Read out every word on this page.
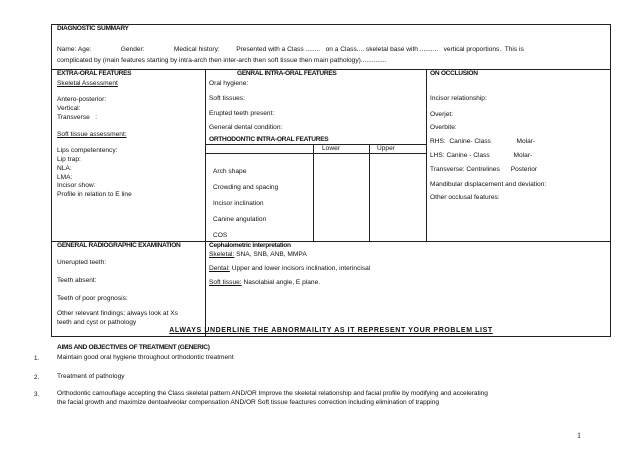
DIAGNOSTIC SUMMARY
Name: Age:                Gender:                Medical history:         Presented with a Class ........   on a Class.... skeletal base with ..........   vertical proportions.  This is
complicated by (main features starting by intra-arch then inter-arch then soft tissue then main pathology)..............
EXTRA-ORAL FEATURES
Skeletal Assessment
Antero-posterior:
Vertical:
Transverse   :
Soft tissue assessment:
Lips competentency:
Lip trap:
NLA:
LMA:
Incisor show:
Profile in relation to E line
GENRAL INTRA-ORAL FEATURES
Oral hygiene:
Soft tissues:
Erupted teeth present:
General dental condition:
ORTHODONTIC INTRA-ORAL FEATURES
Lower	Upper
Arch shape
Crowding and spacing
Incisor inclination
Canine angulation
COS
ON OCCLUSION
Incisor relationship:
Overjet:
Overbite:
RHS:  Canine- Class              Molar-
LHS: Canine - Class             Molar-
Transverse: Centrelines      Posterior
Mandibular displacement and deviation:
Other occlusal features:
GENERAL RADIOGRAPHIC EXAMINATION
Unerupted teeth:
Teeth absent:
Teeth of poor prognosis:
Other relevant findings: always look at Xs
teeth and cyst or pathology
Cephalometric interpretation
Skeletal: SNA, SNB, ANB, MMPA
Dental: Upper and lower incisors inclination, interincisal
Soft tissue: Nasolabial angle, E plane.
ALWAYS UNDERLINE THE ABNORMAILITY AS IT REPRESENT YOUR PROBLEM LIST
AIMS AND OBJECTIVES OF TREATMENT (GENERIC)
1.	Maintain good oral hygiene throughout orthodontic treatment
2.	Treatment of pathology
3.	Orthodontic camouflage accepting the Class skeletal pattern AND/OR Improve the skeletal relationship and facial profile by modifying and accelerating
the facial growth and maximize dentoalveolar compensation AND/OR Soft tissue feactures correction including elimination of trapping
1
